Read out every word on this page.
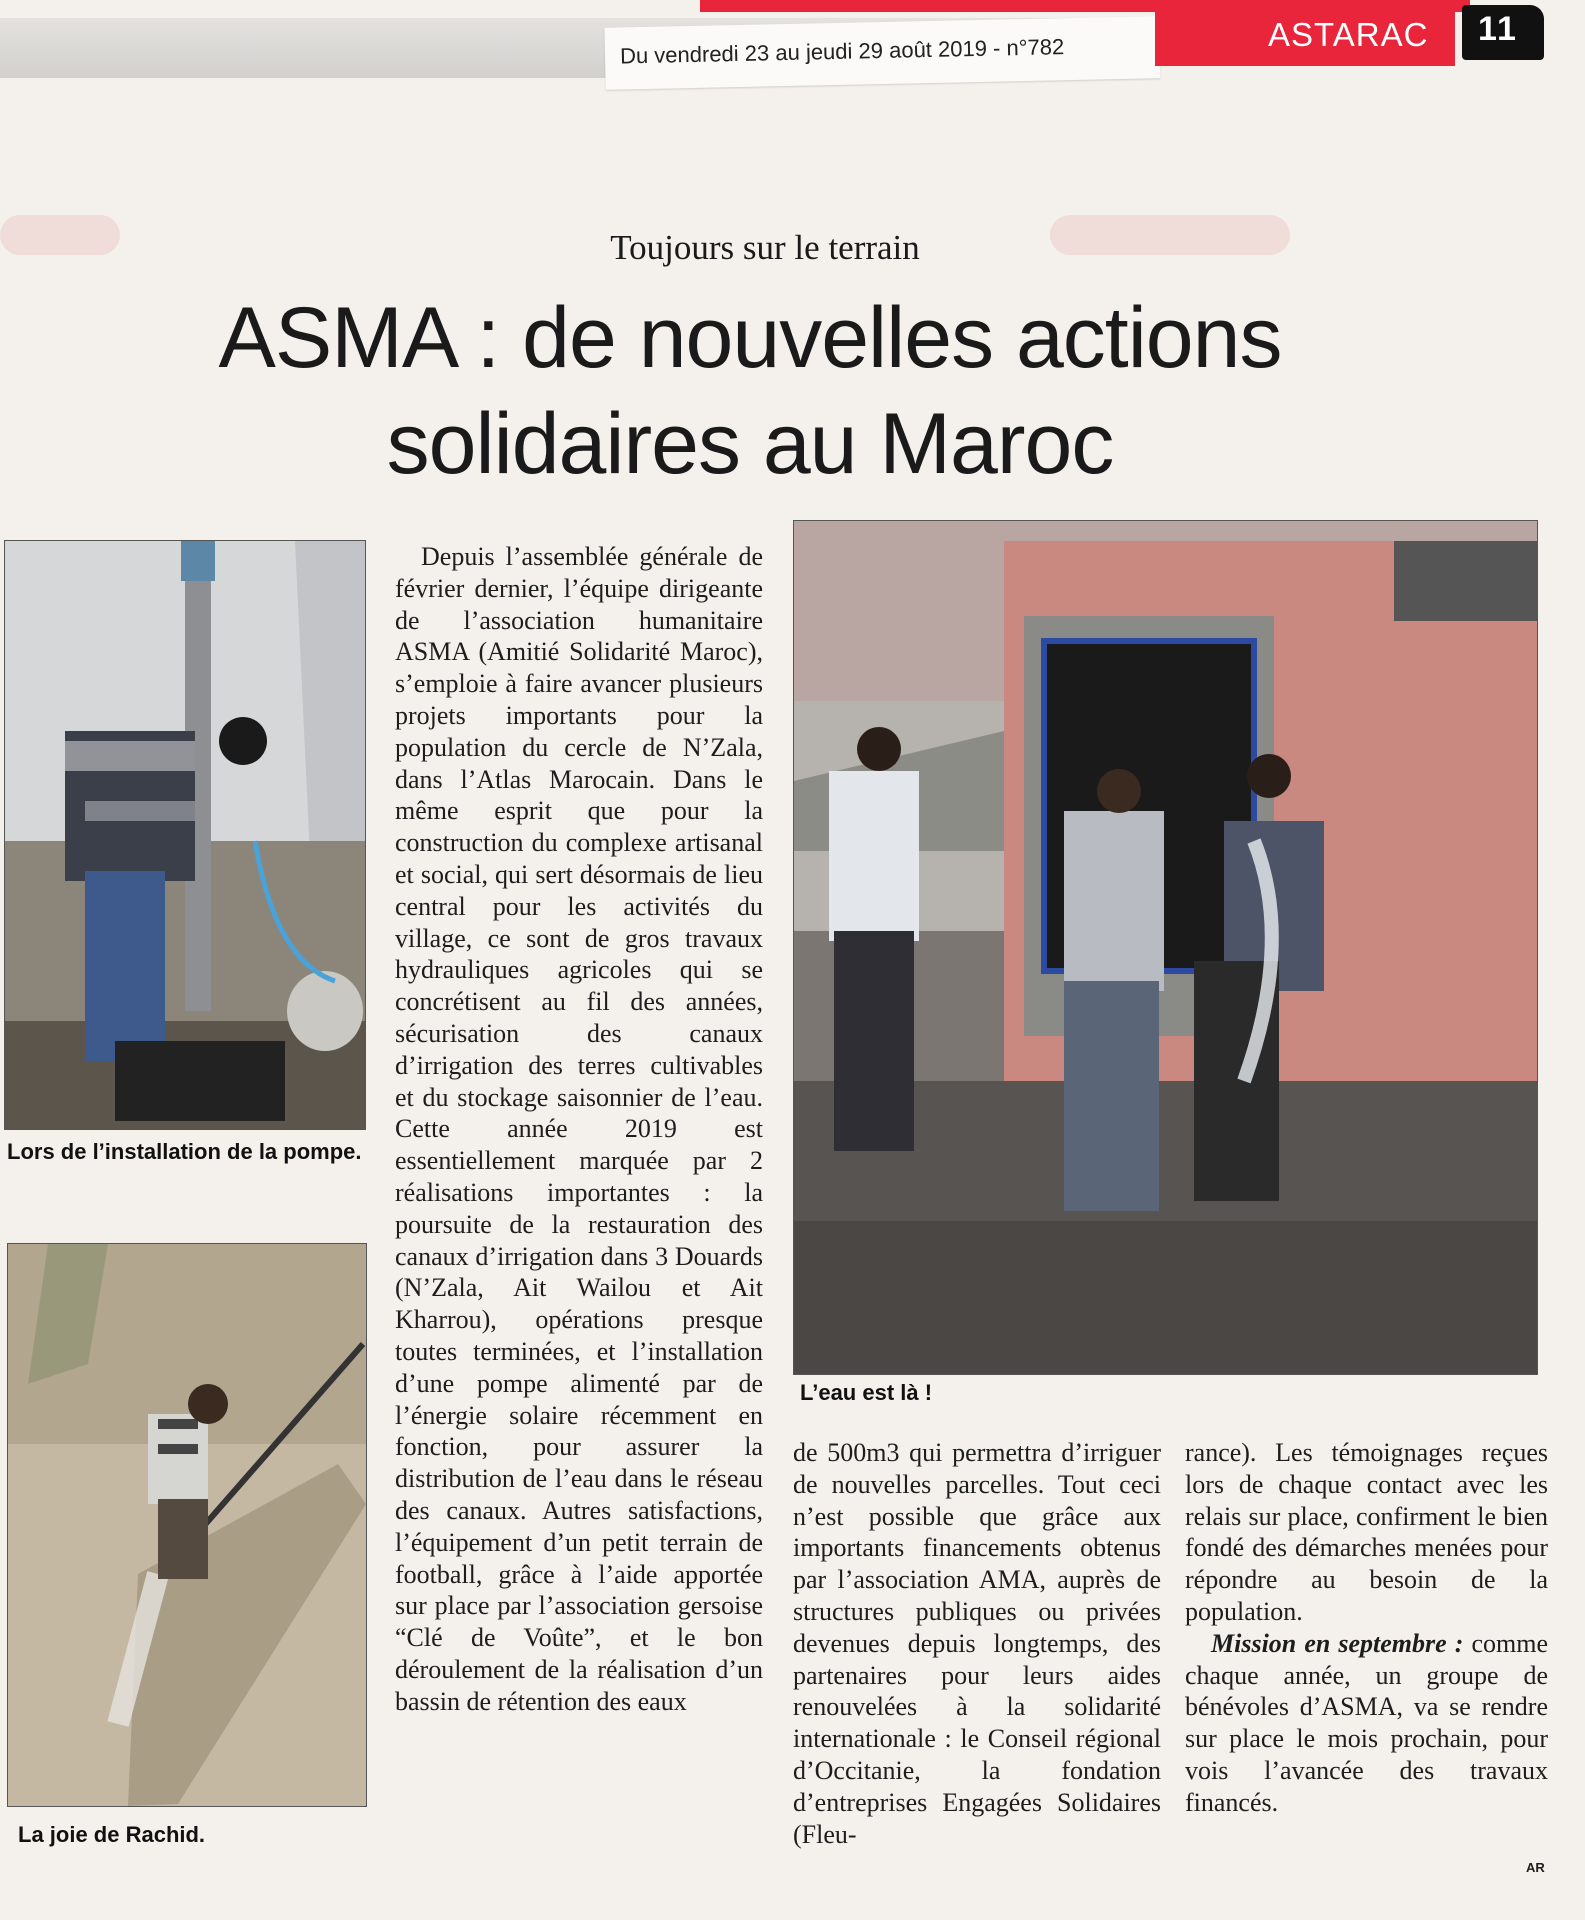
Du vendredi 23 au jeudi 29 août 2019 - n°782	ASTARAC 11
Toujours sur le terrain
ASMA : de nouvelles actions solidaires au Maroc
Lors de l’installation de la pompe.
La joie de Rachid.
L’eau est là !

Depuis l’assemblée générale de février dernier, l’équipe dirigeante de l’association humanitaire ASMA (Amitié Solidarité Maroc), s’emploie à faire avancer plusieurs projets importants pour la population du cercle de N’Zala, dans l’Atlas Marocain. Dans le même esprit que pour la construction du complexe artisanal et social, qui sert désormais de lieu central pour les activités du village, ce sont de gros travaux hydrauliques agricoles qui se concrétisent au fil des années, sécurisation des canaux d’irrigation des terres cultivables et du stockage saisonnier de l’eau. Cette année 2019 est essentiellement marquée par 2 réalisations importantes : la poursuite de la restauration des canaux d’irrigation dans 3 Douards (N’Zala, Ait Wailou et Ait Kharrou), opérations presque toutes terminées, et l’installation d’une pompe alimenté par de l’énergie solaire récemment en fonction, pour assurer la distribution de l’eau dans le réseau des canaux. Autres satisfactions, l’équipement d’un petit terrain de football, grâce à l’aide apportée sur place par l’association gersoise “Clé de Voûte”, et le bon déroulement de la réalisation d’un bassin de rétention des eaux

de 500m3 qui permettra d’irriguer de nouvelles parcelles. Tout ceci n’est possible que grâce aux importants financements obtenus par l’association AMA, auprès de structures publiques ou privées devenues depuis longtemps, des partenaires pour leurs aides renouvelées à la solidarité internationale : le Conseil régional d’Occitanie, la fondation d’entreprises Engagées Solidaires (Fleu-

rance). Les témoignages reçues lors de chaque contact avec les relais sur place, confirment le bien fondé des démarches menées pour répondre au besoin de la population.

Mission en septembre : comme chaque année, un groupe de bénévoles d’ASMA, va se rendre sur place le mois prochain, pour vois l’avancée des travaux financés.

AR
